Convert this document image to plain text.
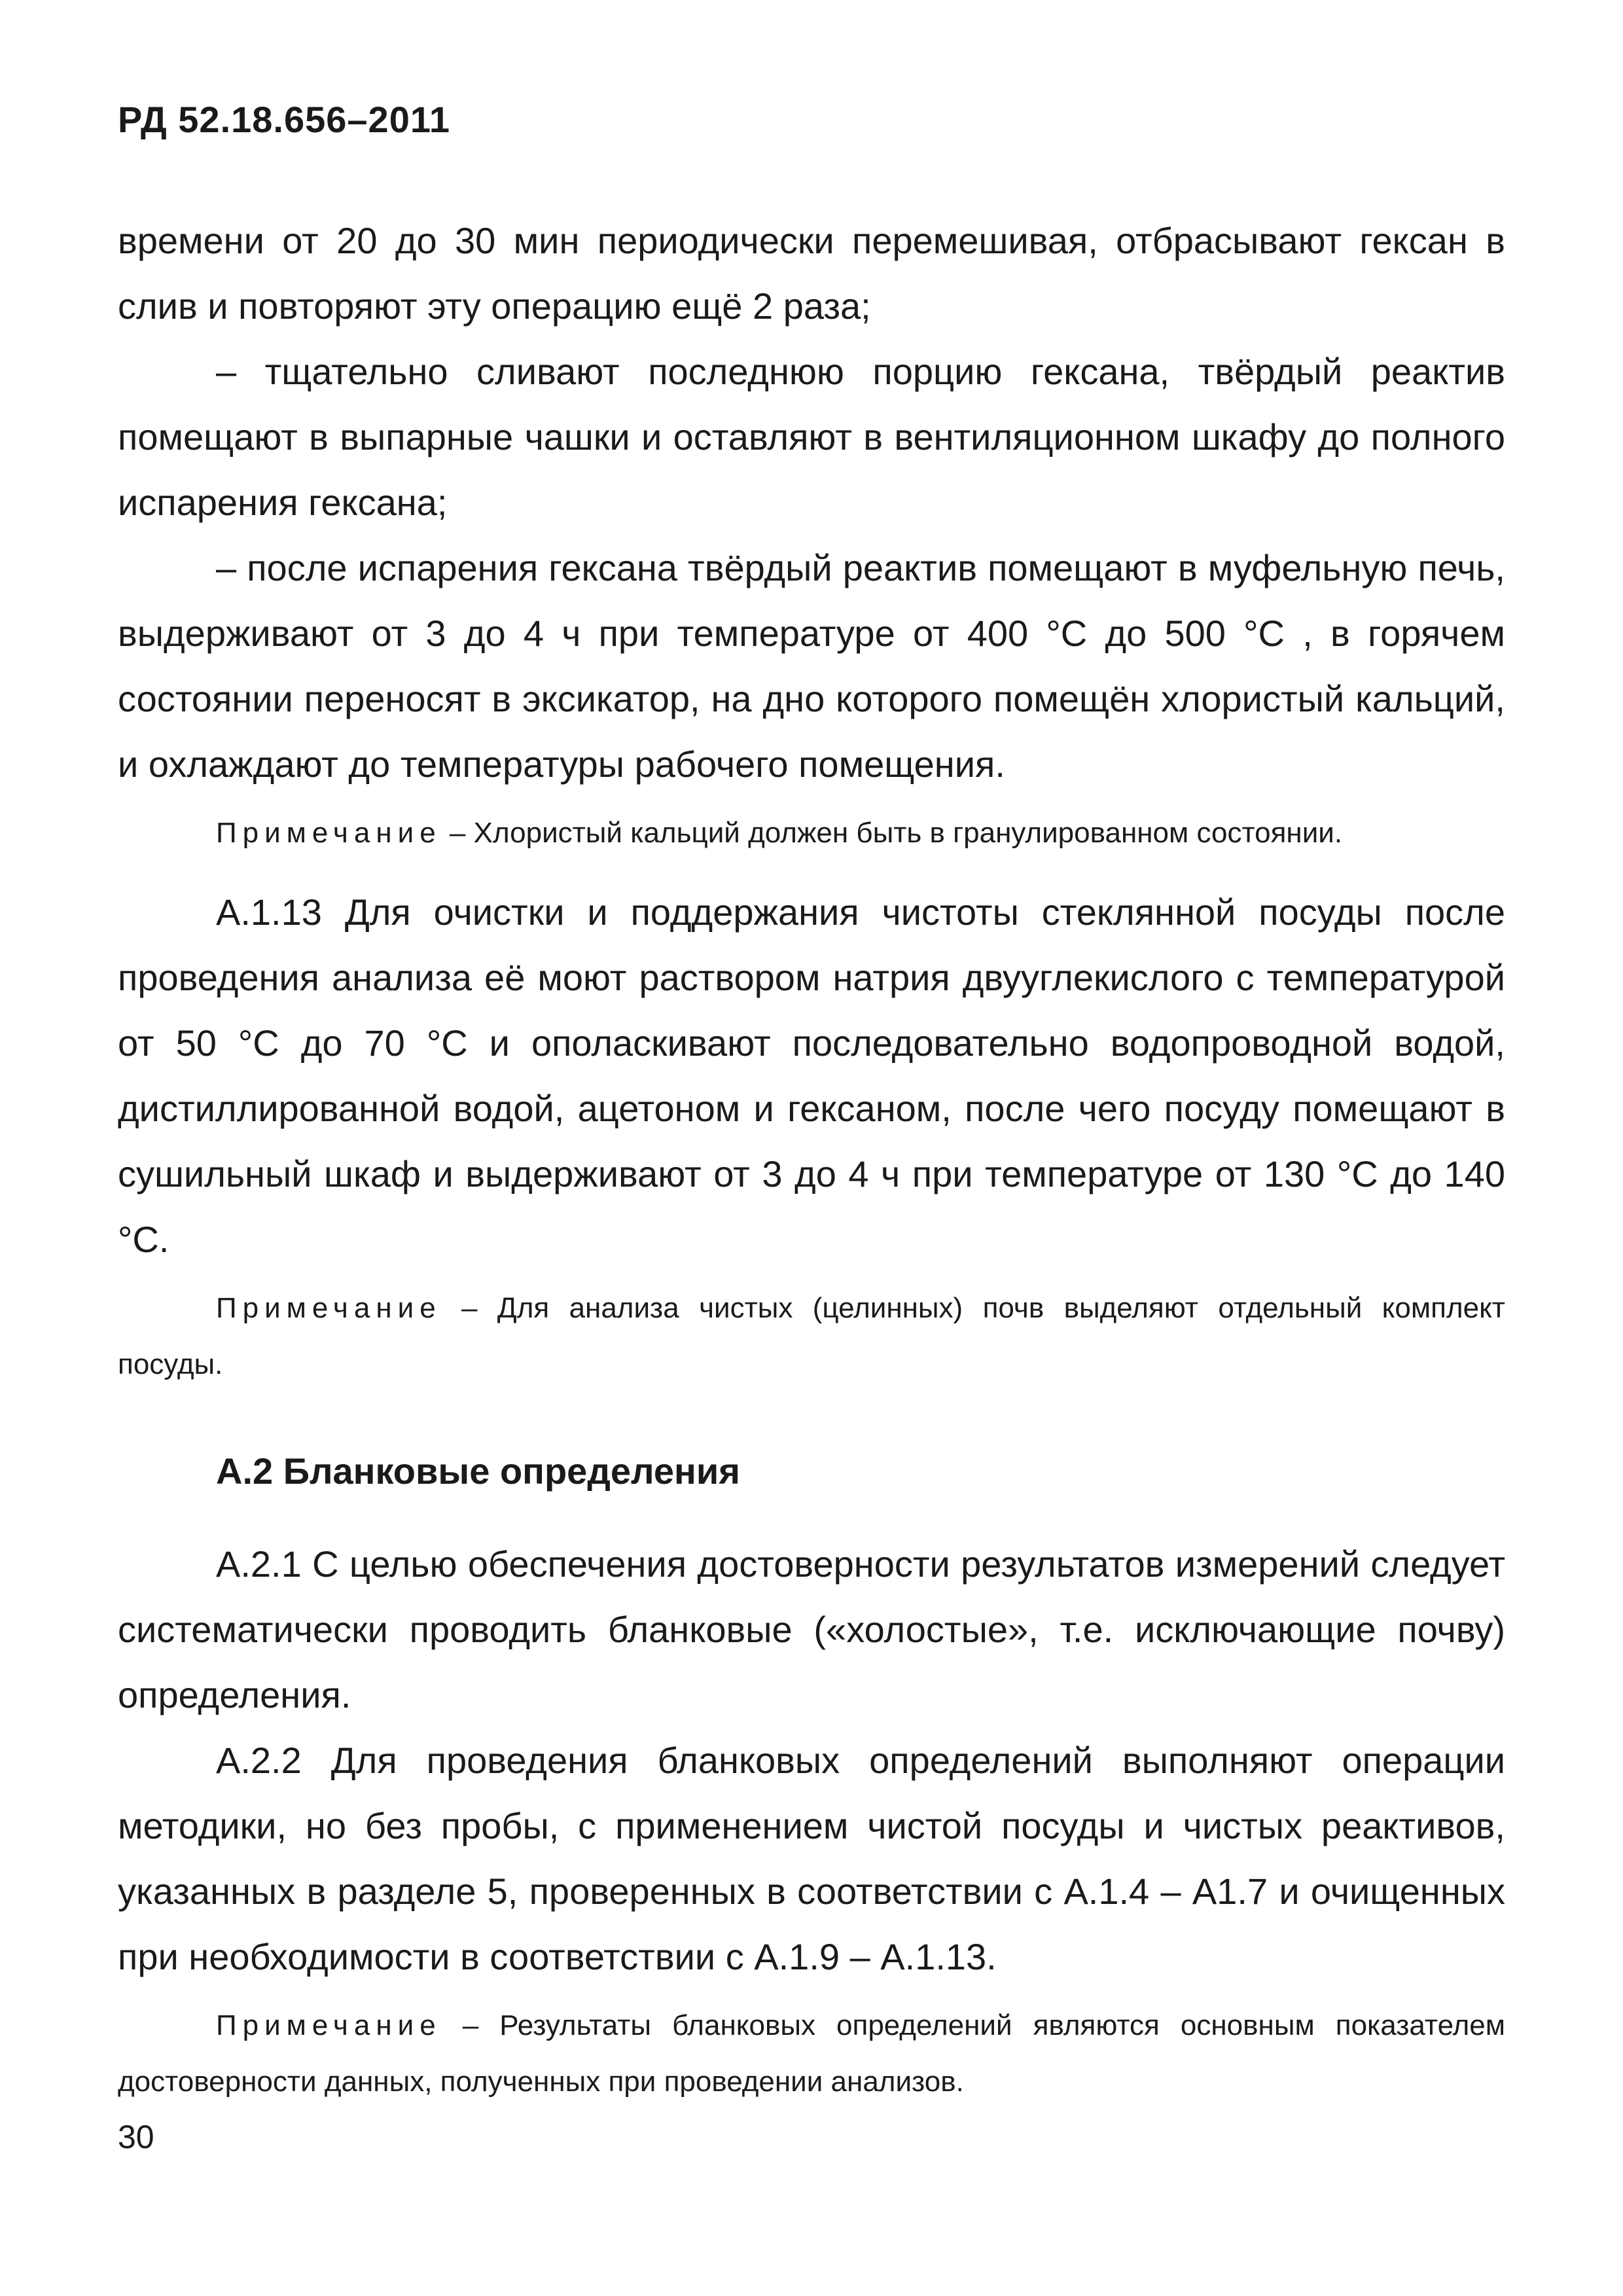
РД 52.18.656–2011

времени от 20 до 30 мин периодически перемешивая, отбрасывают гексан в слив и повторяют эту операцию ещё 2 раза;

– тщательно сливают последнюю порцию гексана, твёрдый реактив помещают в выпарные чашки и оставляют в вентиляционном шкафу до полного испарения гексана;

– после испарения гексана твёрдый реактив помещают в муфельную печь, выдерживают от 3 до 4 ч при температуре от 400 °С до 500 °С , в горячем состоянии переносят в эксикатор, на дно которого помещён хлористый кальций, и охлаждают до температуры рабочего помещения.

Примечание – Хлористый кальций должен быть в гранулированном состоянии.

А.1.13 Для очистки и поддержания чистоты стеклянной посуды после проведения анализа её моют раствором натрия двууглекислого с температурой от 50 °С до 70 °С и ополаскивают последовательно водопроводной водой, дистиллированной водой, ацетоном и гексаном, после чего посуду помещают в сушильный шкаф и выдерживают от 3 до 4 ч при температуре от 130 °С до 140 °С.

Примечание – Для анализа чистых (целинных) почв выделяют отдельный комплект посуды.

А.2 Бланковые определения

А.2.1 С целью обеспечения достоверности результатов измерений следует систематически проводить бланковые («холостые», т.е. исключающие почву) определения.

А.2.2 Для проведения бланковых определений выполняют операции методики, но без пробы, с применением чистой посуды и чистых реактивов, указанных в разделе 5, проверенных в соответствии с А.1.4 – А1.7 и очищенных при необходимости в соответствии с А.1.9 – А.1.13.

Примечание – Результаты бланковых определений являются основным показателем достоверности данных, полученных при проведении анализов.

30
